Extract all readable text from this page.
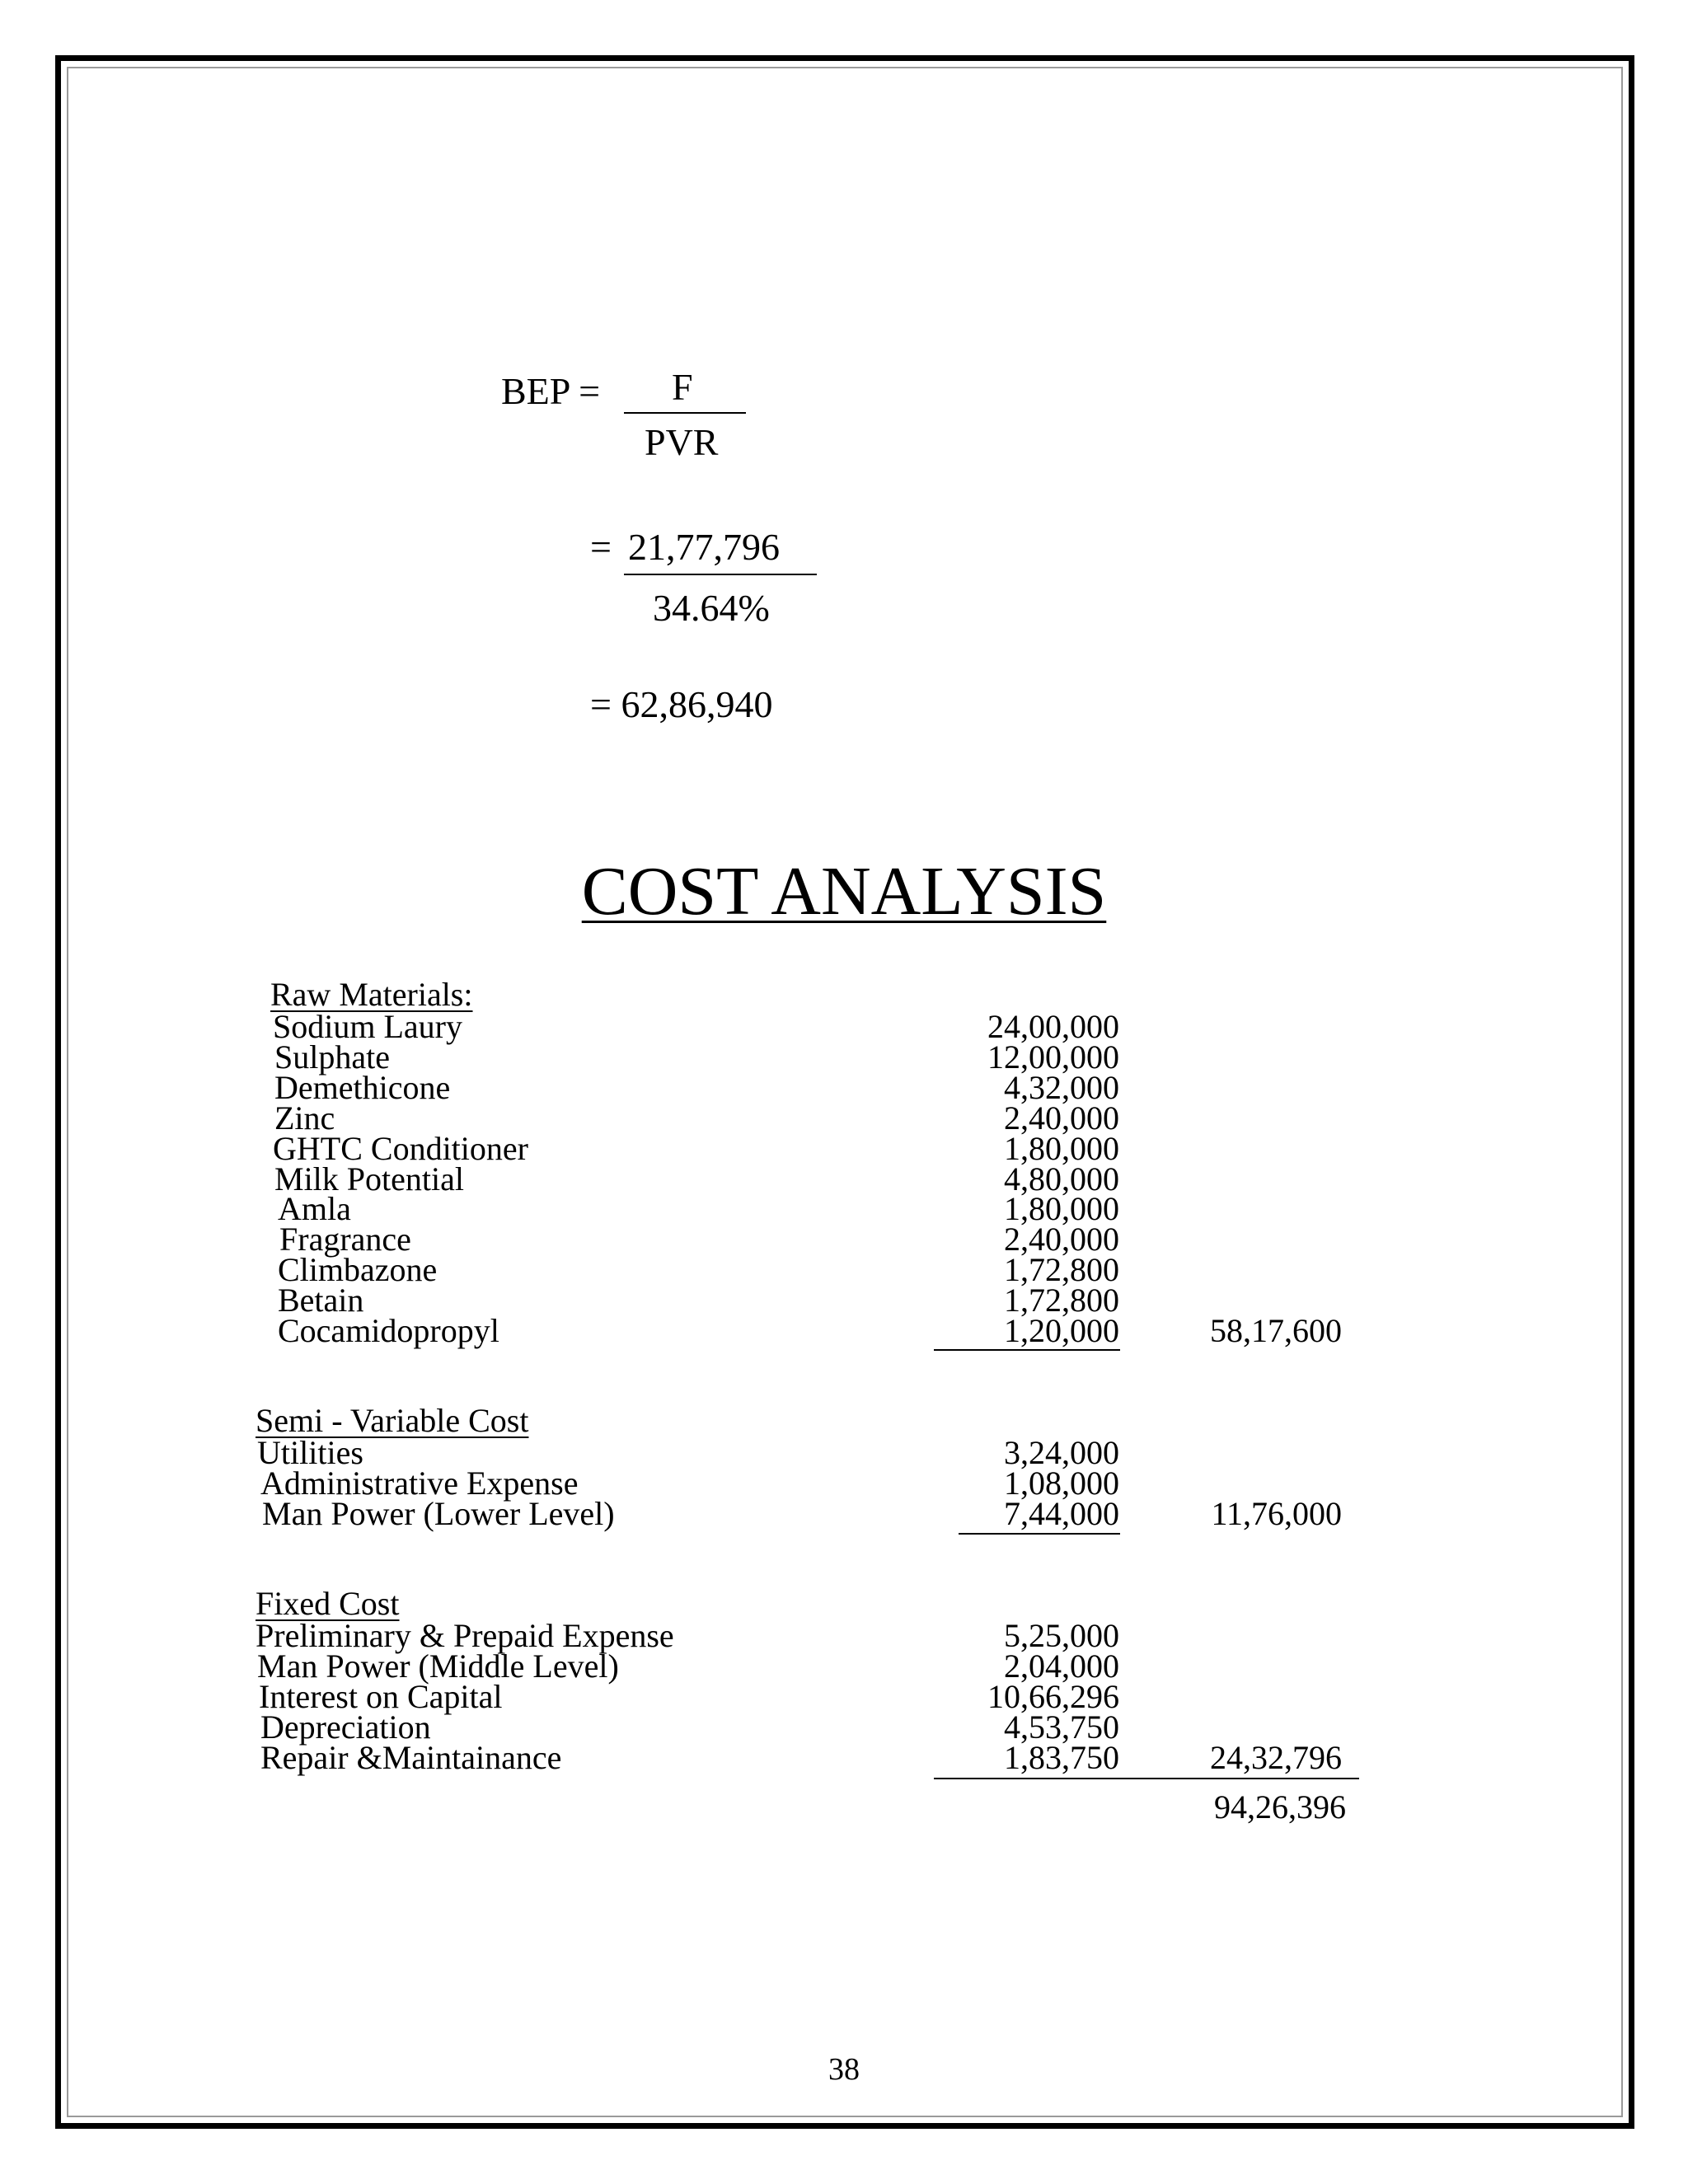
BEP = F
PVR
= 21,77,796
34.64%
= 62,86,940
COST ANALYSIS
Raw Materials:
Sodium Laury	24,00,000
Sulphate	12,00,000
Demethicone	4,32,000
Zinc	2,40,000
GHTC Conditioner	1,80,000
Milk Potential	4,80,000
Amla	1,80,000
Fragrance	2,40,000
Climbazone	1,72,800
Betain	1,72,800
Cocamidopropyl	1,20,000	58,17,600
Semi - Variable Cost
Utilities	3,24,000
Administrative Expense	1,08,000
Man Power (Lower Level)	7,44,000	11,76,000
Fixed Cost
Preliminary & Prepaid Expense	5,25,000
Man Power (Middle Level)	2,04,000
Interest on Capital	10,66,296
Depreciation	4,53,750
Repair &Maintainance	1,83,750	24,32,796
94,26,396
38
